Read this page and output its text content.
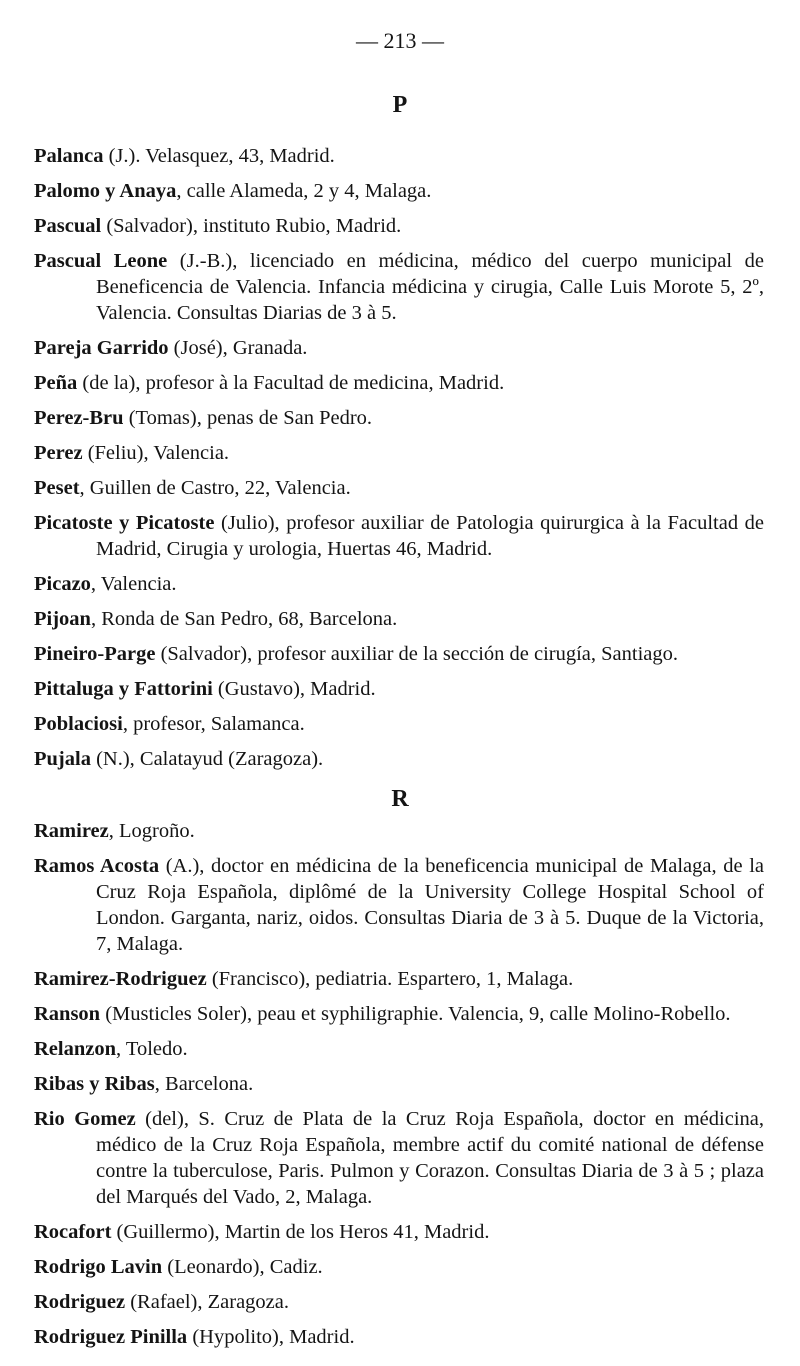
— 213 —
P

Palanca (J.). Velasquez, 43, Madrid.

Palomo y Anaya, calle Alameda, 2 y 4, Malaga.

Pascual (Salvador), instituto Rubio, Madrid.

Pascual Leone (J.-B.), licenciado en médicina, médico del cuerpo municipal de Beneficencia de Valencia. Infancia médicina y cirugia, Calle Luis Morote 5, 2º, Valencia. Consultas Diarias de 3 à 5.

Pareja Garrido (José), Granada.

Peña (de la), profesor à la Facultad de medicina, Madrid.

Perez-Bru (Tomas), penas de San Pedro.

Perez (Feliu), Valencia.

Peset, Guillen de Castro, 22, Valencia.

Picatoste y Picatoste (Julio), profesor auxiliar de Patologia quirurgica à la Facultad de Madrid, Cirugia y urologia, Huertas 46, Madrid.

Picazo, Valencia.

Pijoan, Ronda de San Pedro, 68, Barcelona.

Pineiro-Parge (Salvador), profesor auxiliar de la sección de cirugía, Santiago.

Pittaluga y Fattorini (Gustavo), Madrid.

Poblaciosi, profesor, Salamanca.

Pujala (N.), Calatayud (Zaragoza).

R

Ramirez, Logroño.

Ramos Acosta (A.), doctor en médicina de la beneficencia municipal de Malaga, de la Cruz Roja Española, diplômé de la University College Hospital School of London. Garganta, nariz, oidos. Consultas Diaria de 3 à 5. Duque de la Victoria, 7, Malaga.

Ramirez-Rodriguez (Francisco), pediatria. Espartero, 1, Malaga.

Ranson (Musticles Soler), peau et syphiligraphie. Valencia, 9, calle Molino-Robello.

Relanzon, Toledo.

Ribas y Ribas, Barcelona.

Rio Gomez (del), S. Cruz de Plata de la Cruz Roja Española, doctor en médicina, médico de la Cruz Roja Española, membre actif du comité national de défense contre la tuberculose, Paris. Pulmon y Corazon. Consultas Diaria de 3 à 5 ; plaza del Marqués del Vado, 2, Malaga.

Rocafort (Guillermo), Martin de los Heros 41, Madrid.

Rodrigo Lavin (Leonardo), Cadiz.

Rodriguez (Rafael), Zaragoza.

Rodriguez Pinilla (Hypolito), Madrid.
